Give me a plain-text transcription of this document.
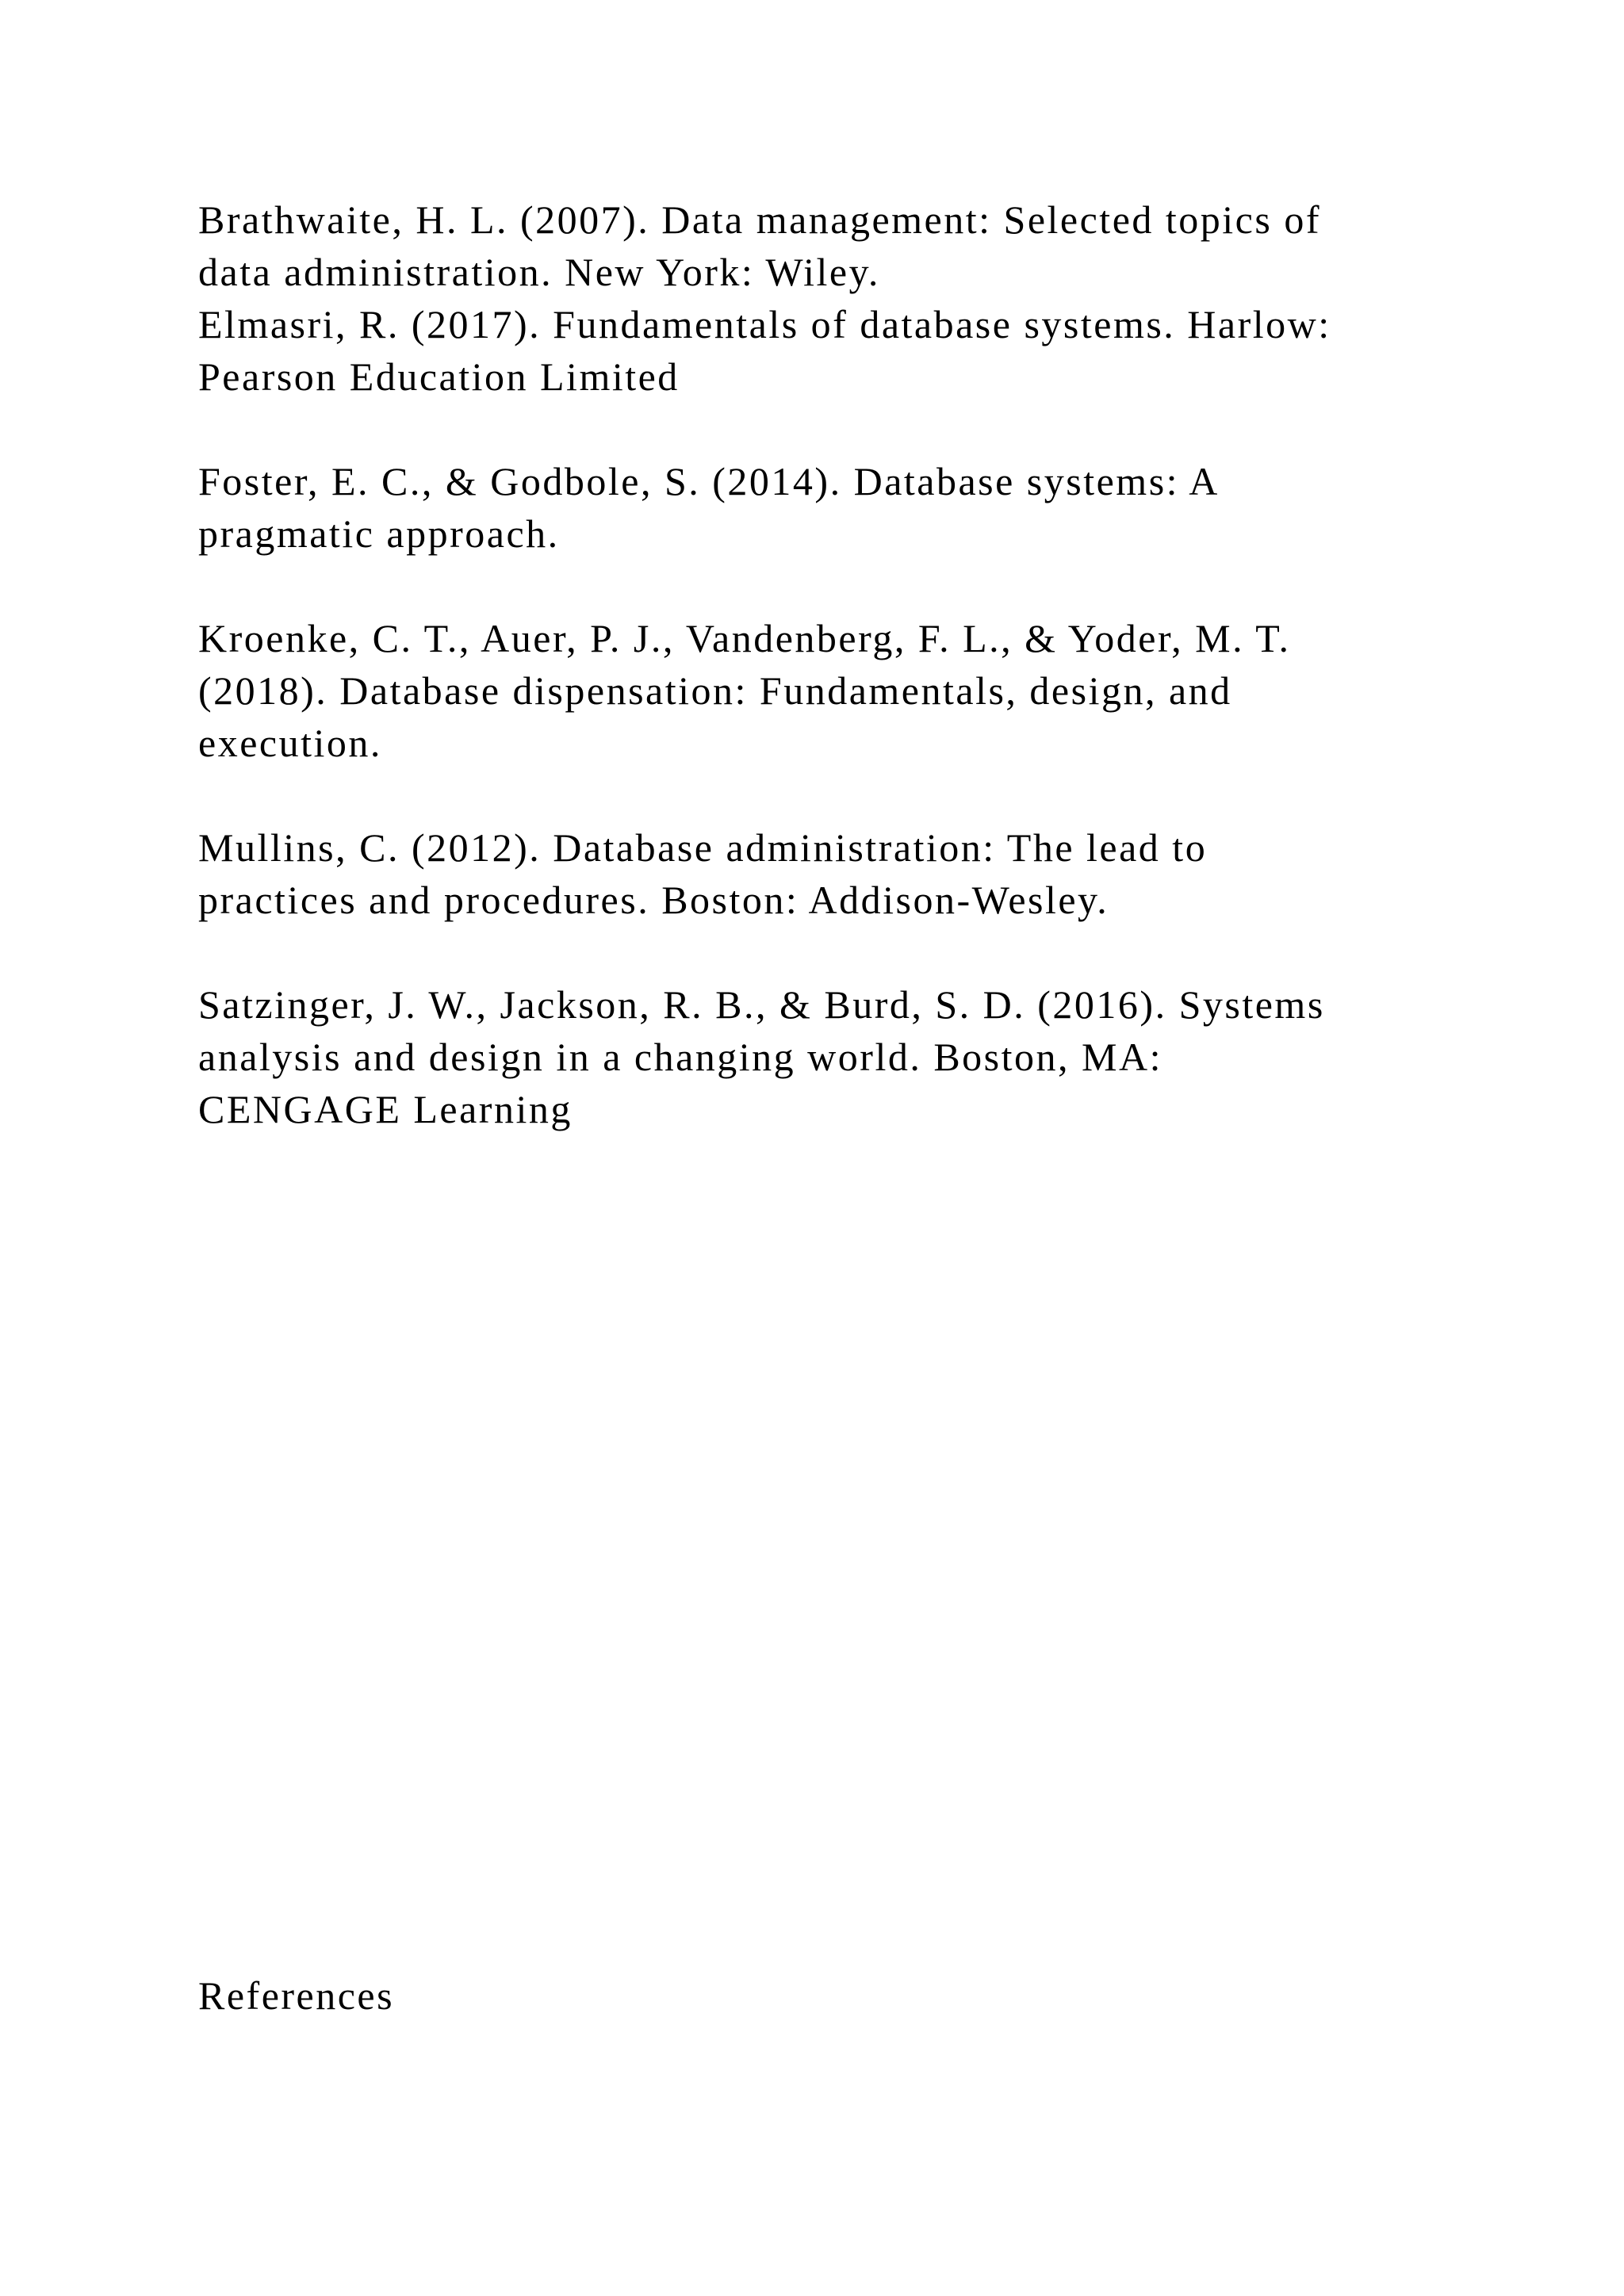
Brathwaite, H. L. (2007). Data management: Selected topics of
data administration. New York: Wiley.

Elmasri, R. (2017). Fundamentals of database systems. Harlow:
Pearson Education Limited

Foster, E. C., & Godbole, S. (2014). Database systems: A
pragmatic approach.

Kroenke, C. T., Auer, P. J., Vandenberg, F. L., & Yoder, M. T.
(2018). Database dispensation: Fundamentals, design, and
execution.

Mullins, C. (2012). Database administration: The lead to
practices and procedures. Boston: Addison-Wesley.

Satzinger, J. W., Jackson, R. B., & Burd, S. D. (2016). Systems
analysis and design in a changing world. Boston, MA:
CENGAGE Learning

References
